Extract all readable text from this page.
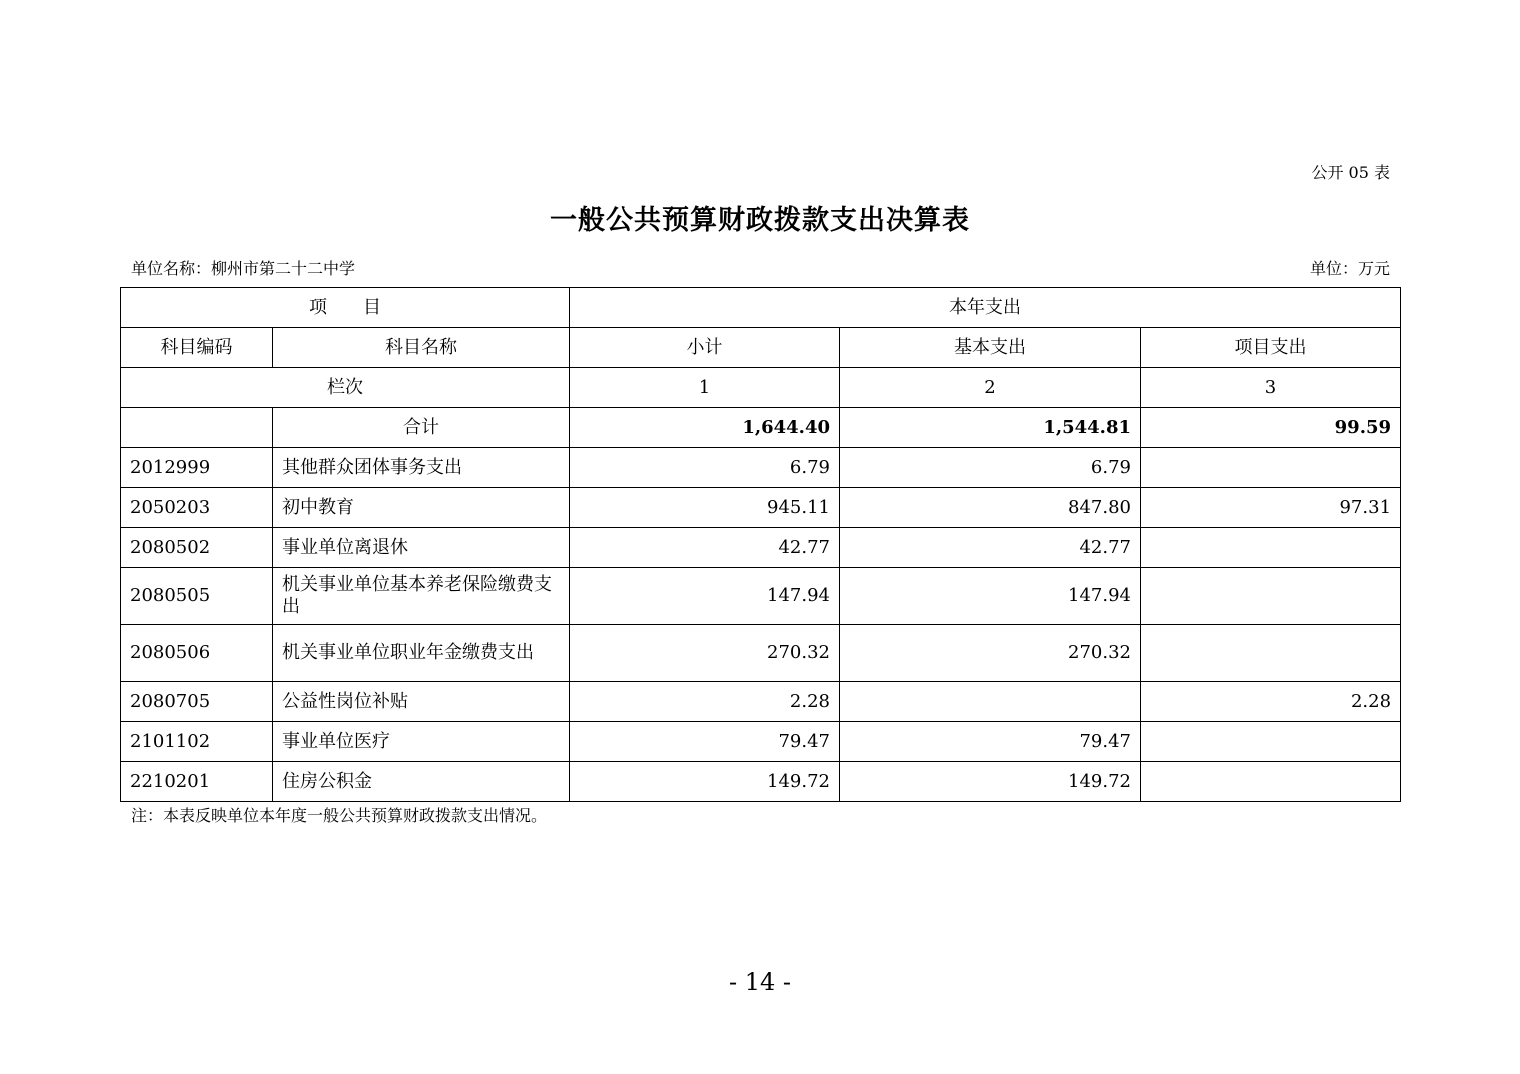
公开 05 表
一般公共预算财政拨款支出决算表
单位名称：柳州市第二十二中学	单位：万元
项　　目		本年支出		
科目编码	科目名称	小计	基本支出	项目支出
栏次		1	2	3
	合计	1,644.40	1,544.81	99.59
2012999	其他群众团体事务支出	6.79	6.79	
2050203	初中教育	945.11	847.80	97.31
2080502	事业单位离退休	42.77	42.77	
2080505	机关事业单位基本养老保险缴费支出	147.94	147.94	
2080506	机关事业单位职业年金缴费支出	270.32	270.32	
2080705	公益性岗位补贴	2.28		2.28
2101102	事业单位医疗	79.47	79.47	
2210201	住房公积金	149.72	149.72	
注：本表反映单位本年度一般公共预算财政拨款支出情况。
- 14 -
